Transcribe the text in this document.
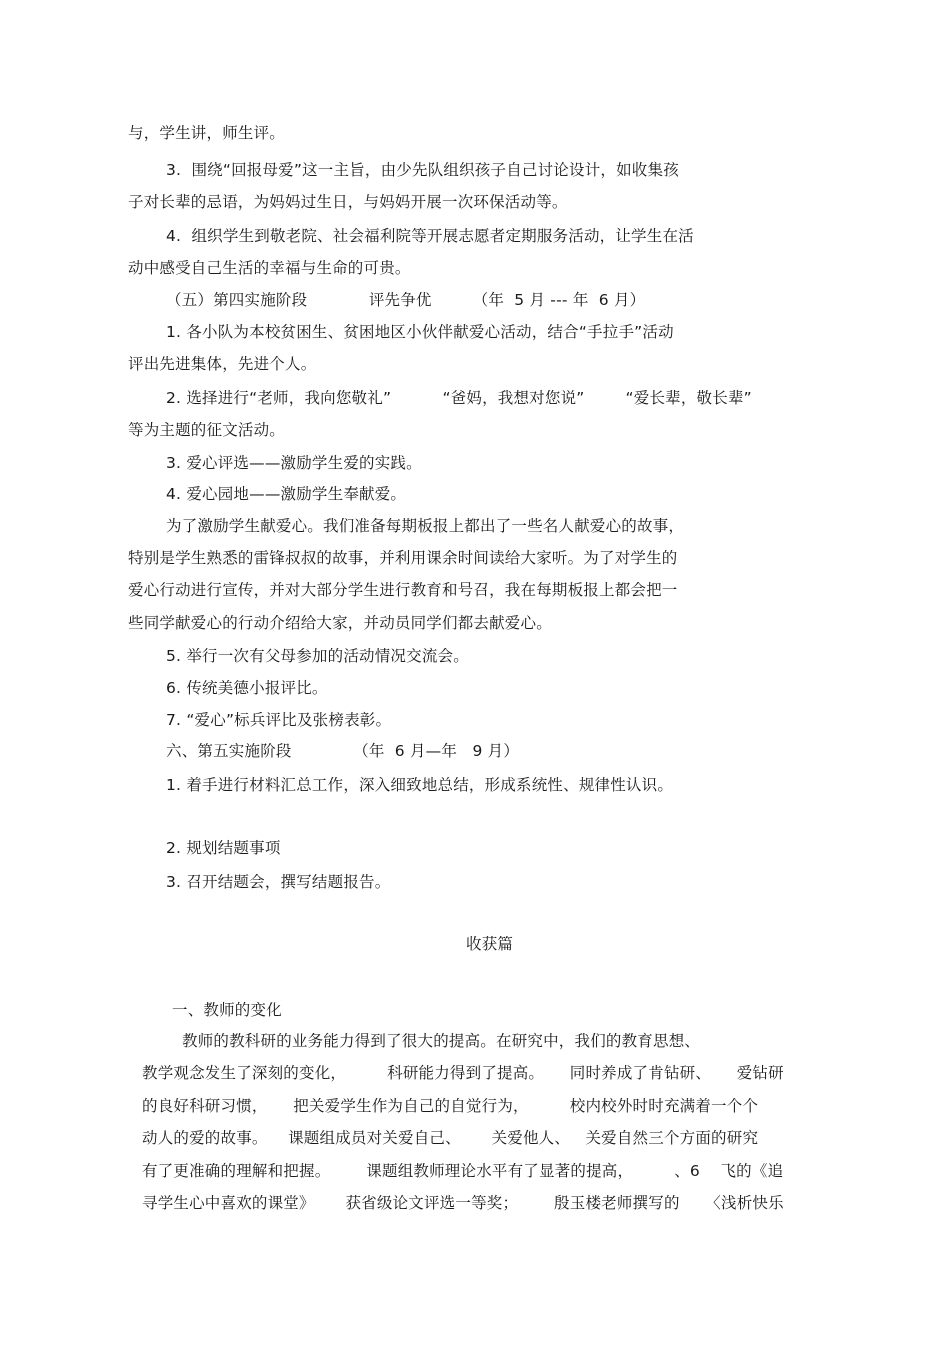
与，学生讲，师生评。
3.  围绕“回报母爱”这一主旨，由少先队组织孩子自己讨论设计，如收集孩
子对长辈的忌语，为妈妈过生日，与妈妈开展一次环保活动等。
4.  组织学生到敬老院、社会福利院等开展志愿者定期服务活动，让学生在活
动中感受自己生活的幸福与生命的可贵。
（五）第四实施阶段            评先争优        （年  5 月 --- 年  6 月）
1. 各小队为本校贫困生、贫困地区小伙伴献爱心活动，结合“手拉手”活动
评出先进集体，先进个人。
2. 选择进行“老师，我向您敬礼”          “爸妈，我想对您说”        “爱长辈，敬长辈”
等为主题的征文活动。
3. 爱心评选——激励学生爱的实践。
4. 爱心园地——激励学生奉献爱。
为了激励学生献爱心。我们准备每期板报上都出了一些名人献爱心的故事，
特别是学生熟悉的雷锋叔叔的故事，并利用课余时间读给大家听。为了对学生的
爱心行动进行宣传，并对大部分学生进行教育和号召，我在每期板报上都会把一
些同学献爱心的行动介绍给大家，并动员同学们都去献爱心。
5. 举行一次有父母参加的活动情况交流会。
6. 传统美德小报评比。
7. “爱心”标兵评比及张榜表彰。
六、第五实施阶段            （年  6 月—年   9 月）
1. 着手进行材料汇总工作，深入细致地总结，形成系统性、规律性认识。
2. 规划结题事项
3. 召开结题会，撰写结题报告。
收获篇
一、教师的变化
教师的教科研的业务能力得到了很大的提高。在研究中，我们的教育思想、
教学观念发生了深刻的变化，        科研能力得到了提高。     同时养成了肯钻研、     爱钻研
的良好科研习惯，     把关爱学生作为自己的自觉行为，        校内校外时时充满着一个个
动人的爱的故事。    课题组成员对关爱自己、      关爱他人、   关爱自然三个方面的研究
有了更准确的理解和把握。       课题组教师理论水平有了显著的提高，        、6    飞的《追
寻学生心中喜欢的课堂》      获省级论文评选一等奖；       殷玉楼老师撰写的     〈浅析快乐
